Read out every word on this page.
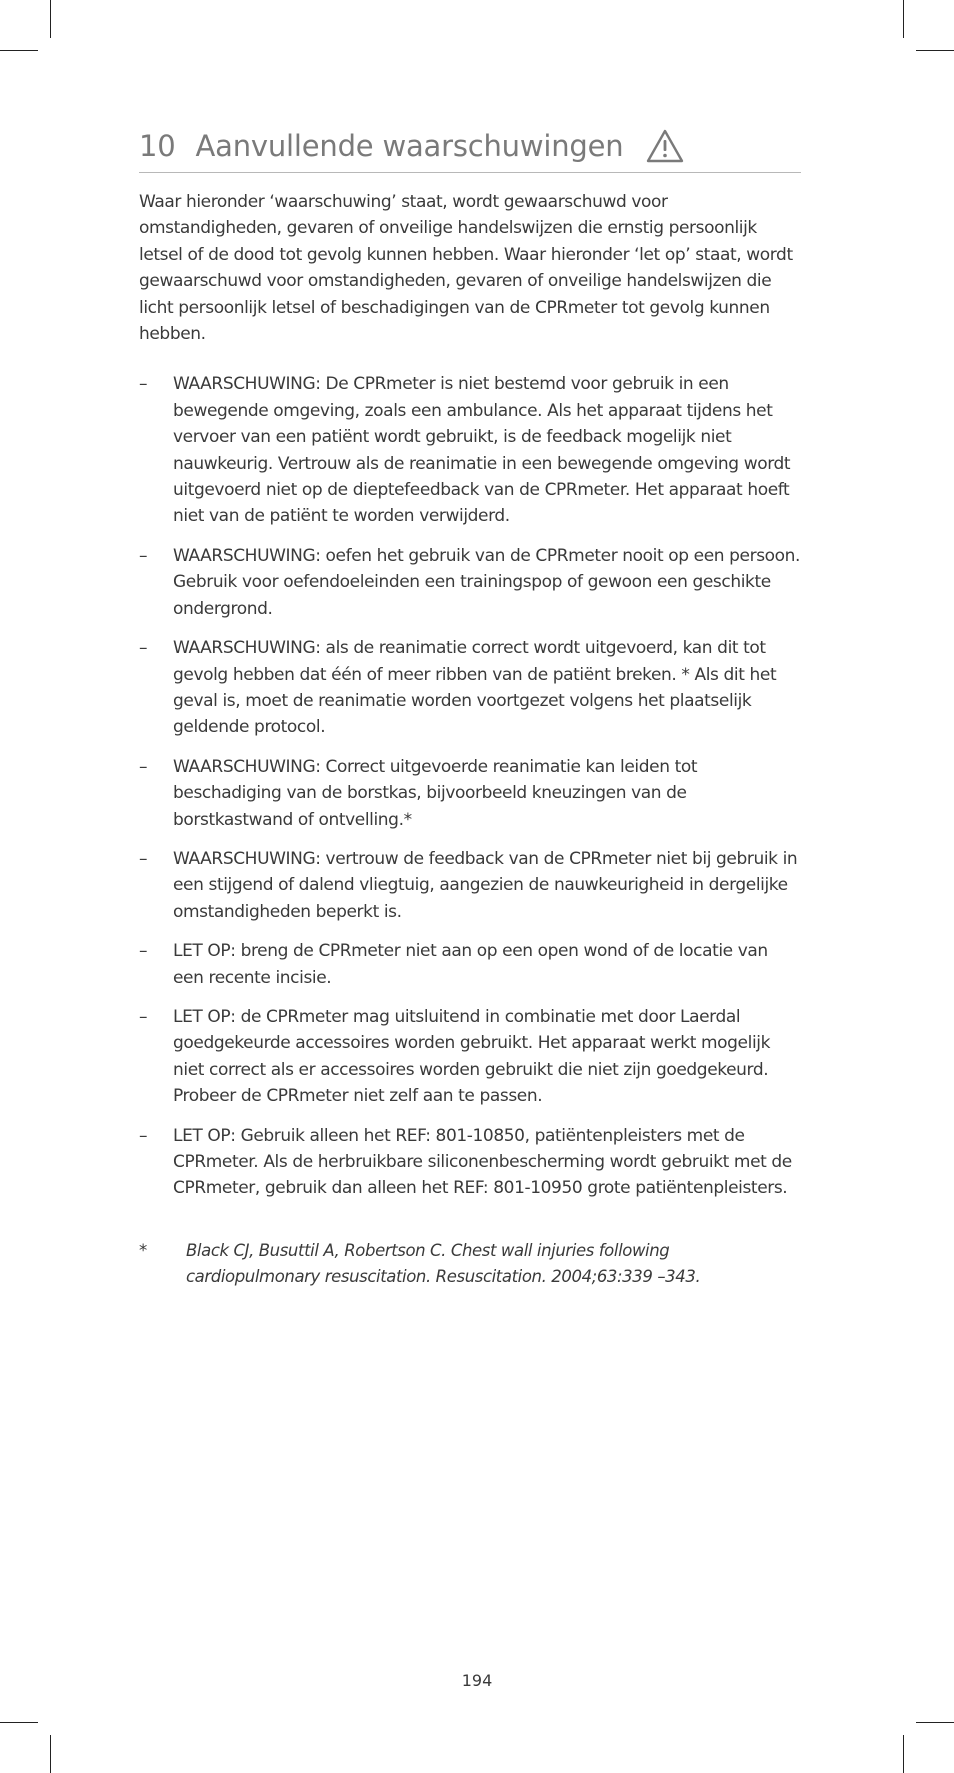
10 Aanvullende waarschuwingen

Waar hieronder ‘waarschuwing’ staat, wordt gewaarschuwd voor omstandigheden, gevaren of onveilige handelswijzen die ernstig persoonlijk letsel of de dood tot gevolg kunnen hebben. Waar hieronder ‘let op’ staat, wordt gewaarschuwd voor omstandigheden, gevaren of onveilige handelswijzen die licht persoonlijk letsel of beschadigingen van de CPRmeter tot gevolg kunnen hebben.

– WAARSCHUWING: De CPRmeter is niet bestemd voor gebruik in een bewegende omgeving, zoals een ambulance. Als het apparaat tijdens het vervoer van een patiënt wordt gebruikt, is de feedback mogelijk niet nauwkeurig. Vertrouw als de reanimatie in een bewegende omgeving wordt uitgevoerd niet op de dieptefeedback van de CPRmeter. Het apparaat hoeft niet van de patiënt te worden verwijderd.
– WAARSCHUWING: oefen het gebruik van de CPRmeter nooit op een persoon. Gebruik voor oefendoeleinden een trainingspop of gewoon een geschikte ondergrond.
– WAARSCHUWING: als de reanimatie correct wordt uitgevoerd, kan dit tot gevolg hebben dat één of meer ribben van de patiënt breken. * Als dit het geval is, moet de reanimatie worden voortgezet volgens het plaatselijk geldende protocol.
– WAARSCHUWING: Correct uitgevoerde reanimatie kan leiden tot beschadiging van de borstkas, bijvoorbeeld kneuzingen van de borstkastwand of ontvelling.*
– WAARSCHUWING: vertrouw de feedback van de CPRmeter niet bij gebruik in een stijgend of dalend vliegtuig, aangezien de nauwkeurigheid in dergelijke omstandigheden beperkt is.
– LET OP: breng de CPRmeter niet aan op een open wond of de locatie van een recente incisie.
– LET OP: de CPRmeter mag uitsluitend in combinatie met door Laerdal goedgekeurde accessoires worden gebruikt. Het apparaat werkt mogelijk niet correct als er accessoires worden gebruikt die niet zijn goedgekeurd. Probeer de CPRmeter niet zelf aan te passen.
– LET OP: Gebruik alleen het REF: 801-10850, patiëntenpleisters met de CPRmeter. Als de herbruikbare siliconenbescherming wordt gebruikt met de CPRmeter, gebruik dan alleen het REF: 801-10950 grote patiëntenpleisters.
* Black CJ, Busuttil A, Robertson C. Chest wall injuries following cardiopulmonary resuscitation. Resuscitation. 2004;63:339 –343.
194
